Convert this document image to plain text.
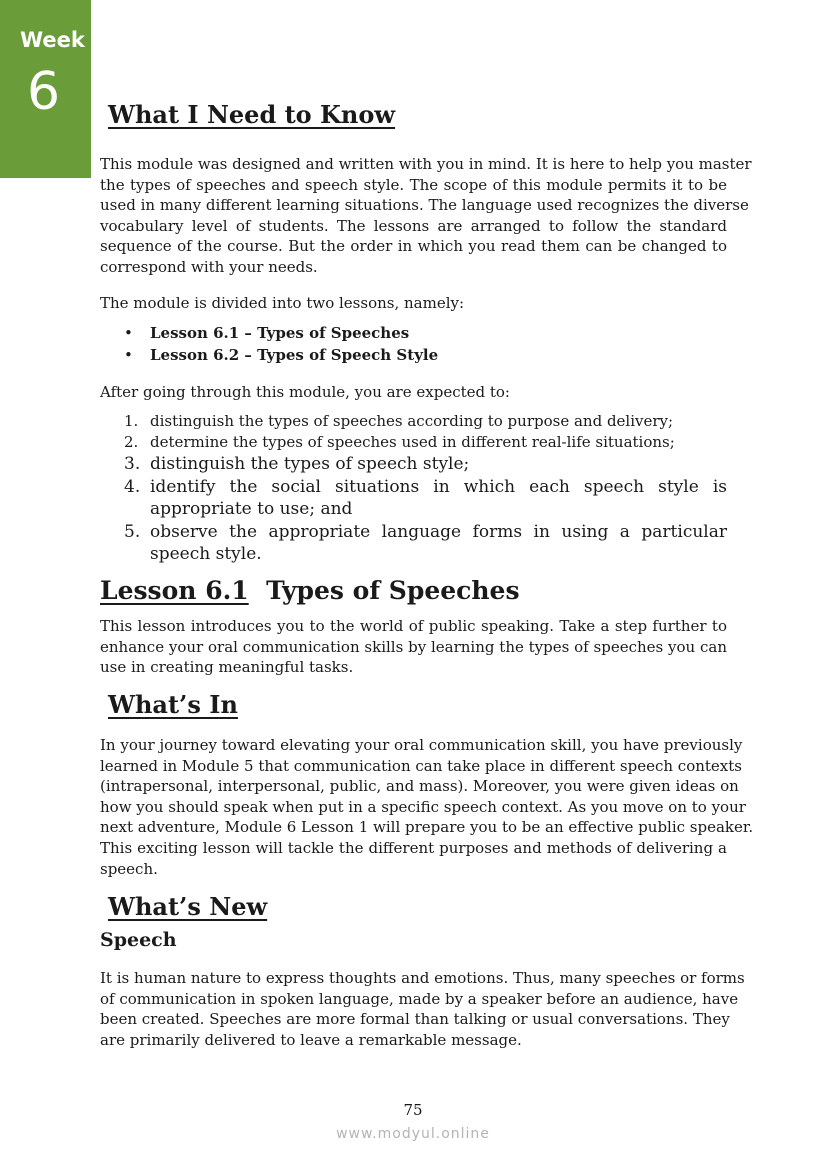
Week
6 What I Need to Know
This module was designed and written with you in mind. It is here to help you master
the types of speeches and speech style. The scope of this module permits it to be
used in many different learning situations. The language used recognizes the diverse
vocabulary level of students. The lessons are arranged to follow the standard
sequence of the course. But the order in which you read them can be changed to
correspond with your needs.
The module is divided into two lessons, namely:
• Lesson 6.1 – Types of Speeches
• Lesson 6.2 – Types of Speech Style
After going through this module, you are expected to:
1. distinguish the types of speeches according to purpose and delivery;
2. determine the types of speeches used in different real-life situations;
3. distinguish the types of speech style;
4. identify the social situations in which each speech style is appropriate to use; and
5. observe the appropriate language forms in using a particular speech style.
Lesson 6.1 Types of Speeches
This lesson introduces you to the world of public speaking. Take a step further to
enhance your oral communication skills by learning the types of speeches you can
use in creating meaningful tasks.
What’s In
In your journey toward elevating your oral communication skill, you have previously
learned in Module 5 that communication can take place in different speech contexts
(intrapersonal, interpersonal, public, and mass). Moreover, you were given ideas on
how you should speak when put in a specific speech context. As you move on to your
next adventure, Module 6 Lesson 1 will prepare you to be an effective public speaker.
This exciting lesson will tackle the different purposes and methods of delivering a
speech.
What’s New
Speech
It is human nature to express thoughts and emotions. Thus, many speeches or forms
of communication in spoken language, made by a speaker before an audience, have
been created. Speeches are more formal than talking or usual conversations. They
are primarily delivered to leave a remarkable message.
75
www.modyul.online
